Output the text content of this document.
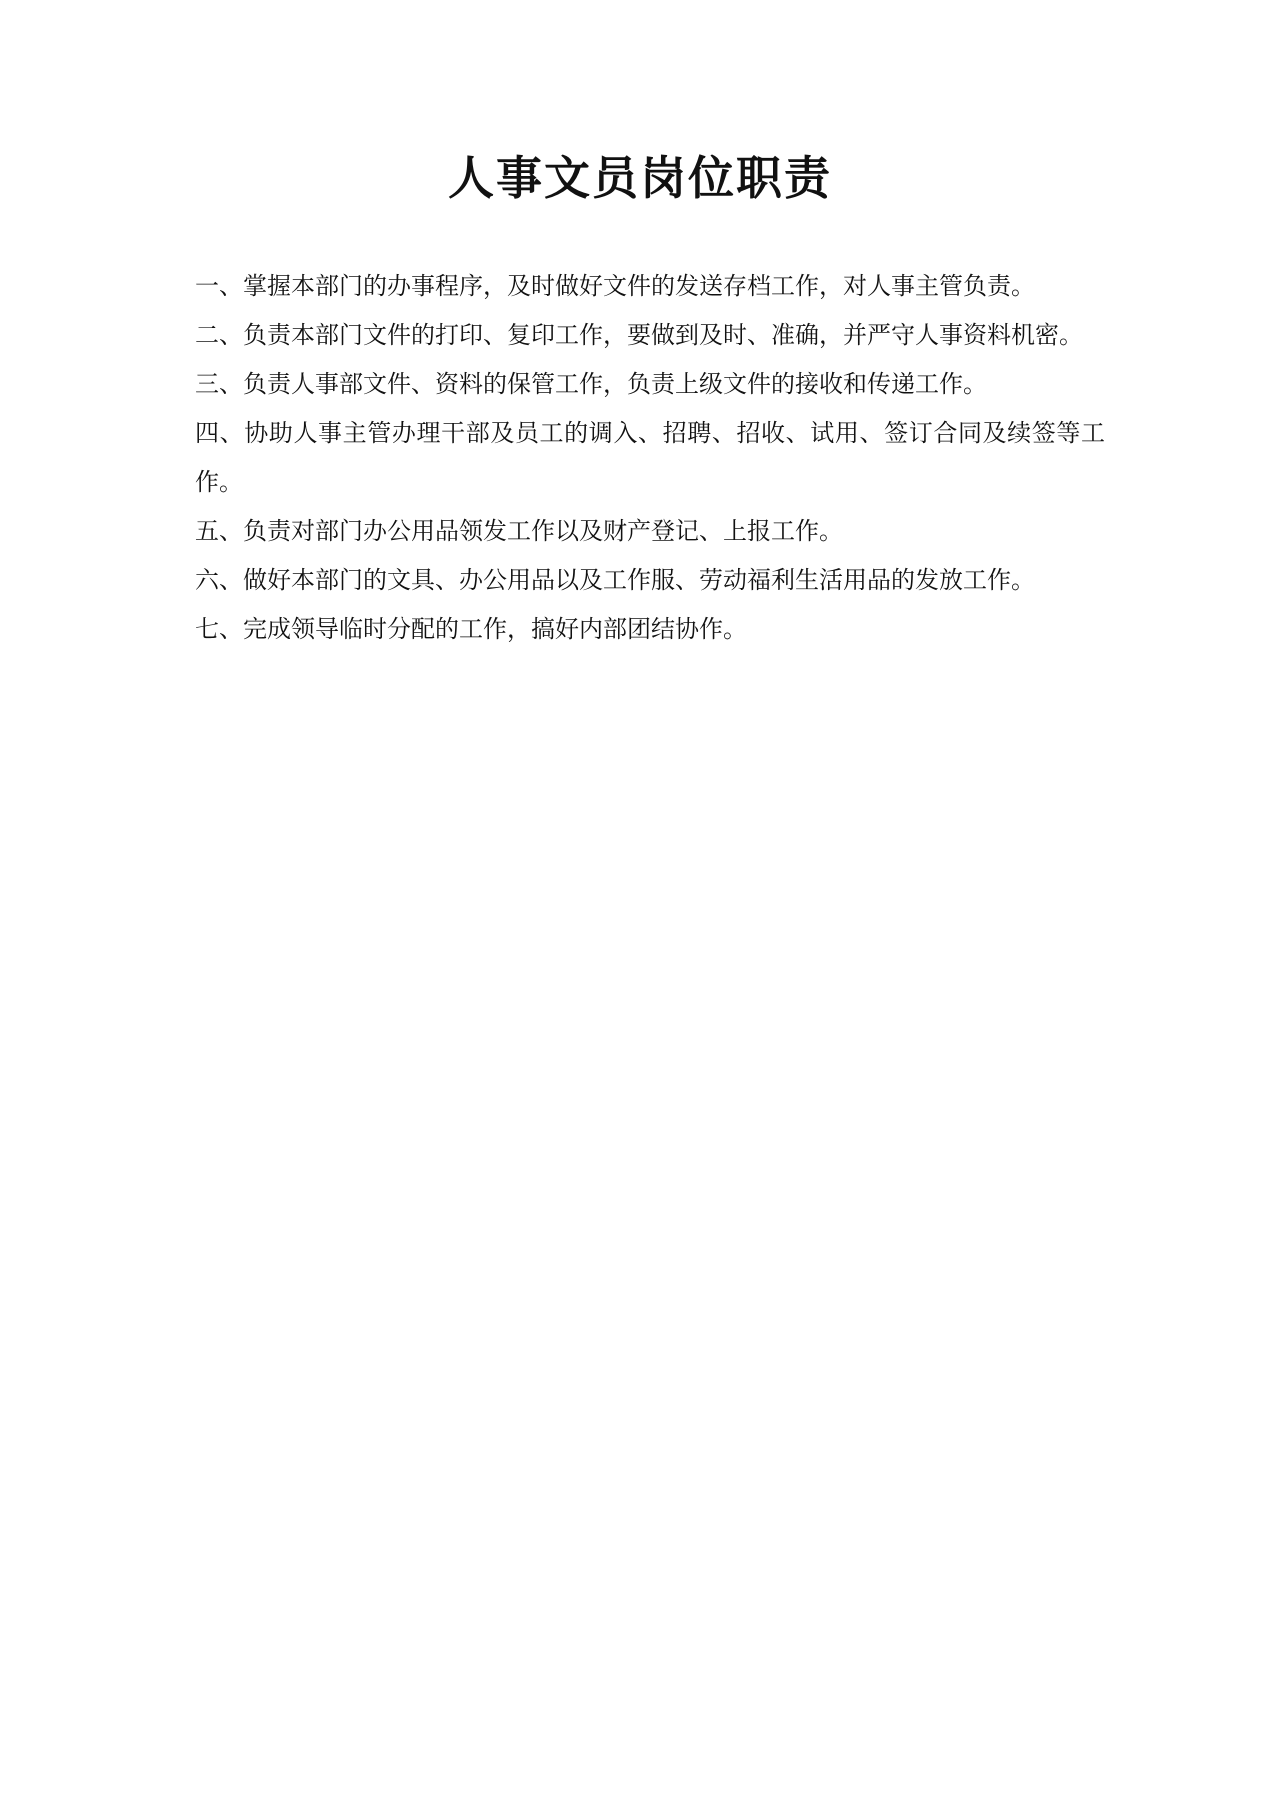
人事文员岗位职责
一、掌握本部门的办事程序，及时做好文件的发送存档工作，对人事主管负责。
二、负责本部门文件的打印、复印工作，要做到及时、准确，并严守人事资料机密。
三、负责人事部文件、资料的保管工作，负责上级文件的接收和传递工作。
四、协助人事主管办理干部及员工的调入、招聘、招收、试用、签订合同及续签等工作。
五、负责对部门办公用品领发工作以及财产登记、上报工作。
六、做好本部门的文具、办公用品以及工作服、劳动福利生活用品的发放工作。
七、完成领导临时分配的工作，搞好内部团结协作。
